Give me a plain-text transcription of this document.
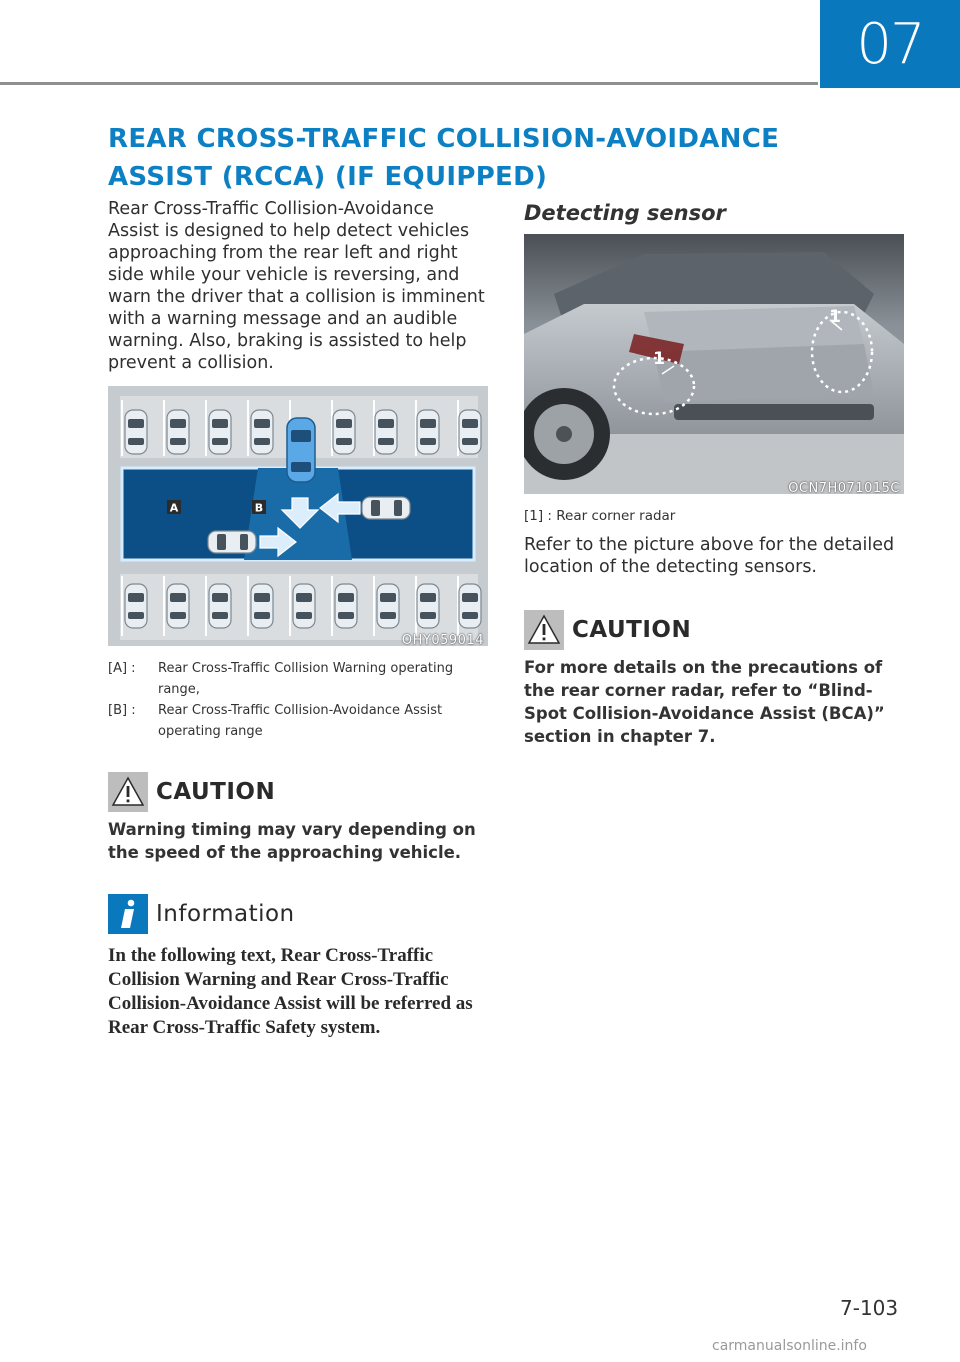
07
REAR CROSS-TRAFFIC COLLISION-AVOIDANCE ASSIST (RCCA) (IF EQUIPPED)

Rear Cross-Traffic Collision-Avoidance Assist is designed to help detect vehicles approaching from the rear left and right side while your vehicle is reversing, and warn the driver that a collision is imminent with a warning message and an audible warning. Also, braking is assisted to help prevent a collision.

A	B
OHY059014
[A] :	Rear Cross-Traffic Collision Warning operating range,
[B] :	Rear Cross-Traffic Collision-Avoidance Assist operating range
CAUTION

Warning timing may vary depending on the speed of the approaching vehicle.

Information

In the following text, Rear Cross-Traffic Collision Warning and Rear Cross-Traffic Collision-Avoidance Assist will be referred as Rear Cross-Traffic Safety system.

Detecting sensor
1
1
OCN7H071015C

[1] : Rear corner radar

Refer to the picture above for the detailed location of the detecting sensors.

CAUTION

For more details on the precautions of the rear corner radar, refer to “Blind-Spot Collision-Avoidance Assist (BCA)” section in chapter 7.

7-103
carmanualsonline.info
